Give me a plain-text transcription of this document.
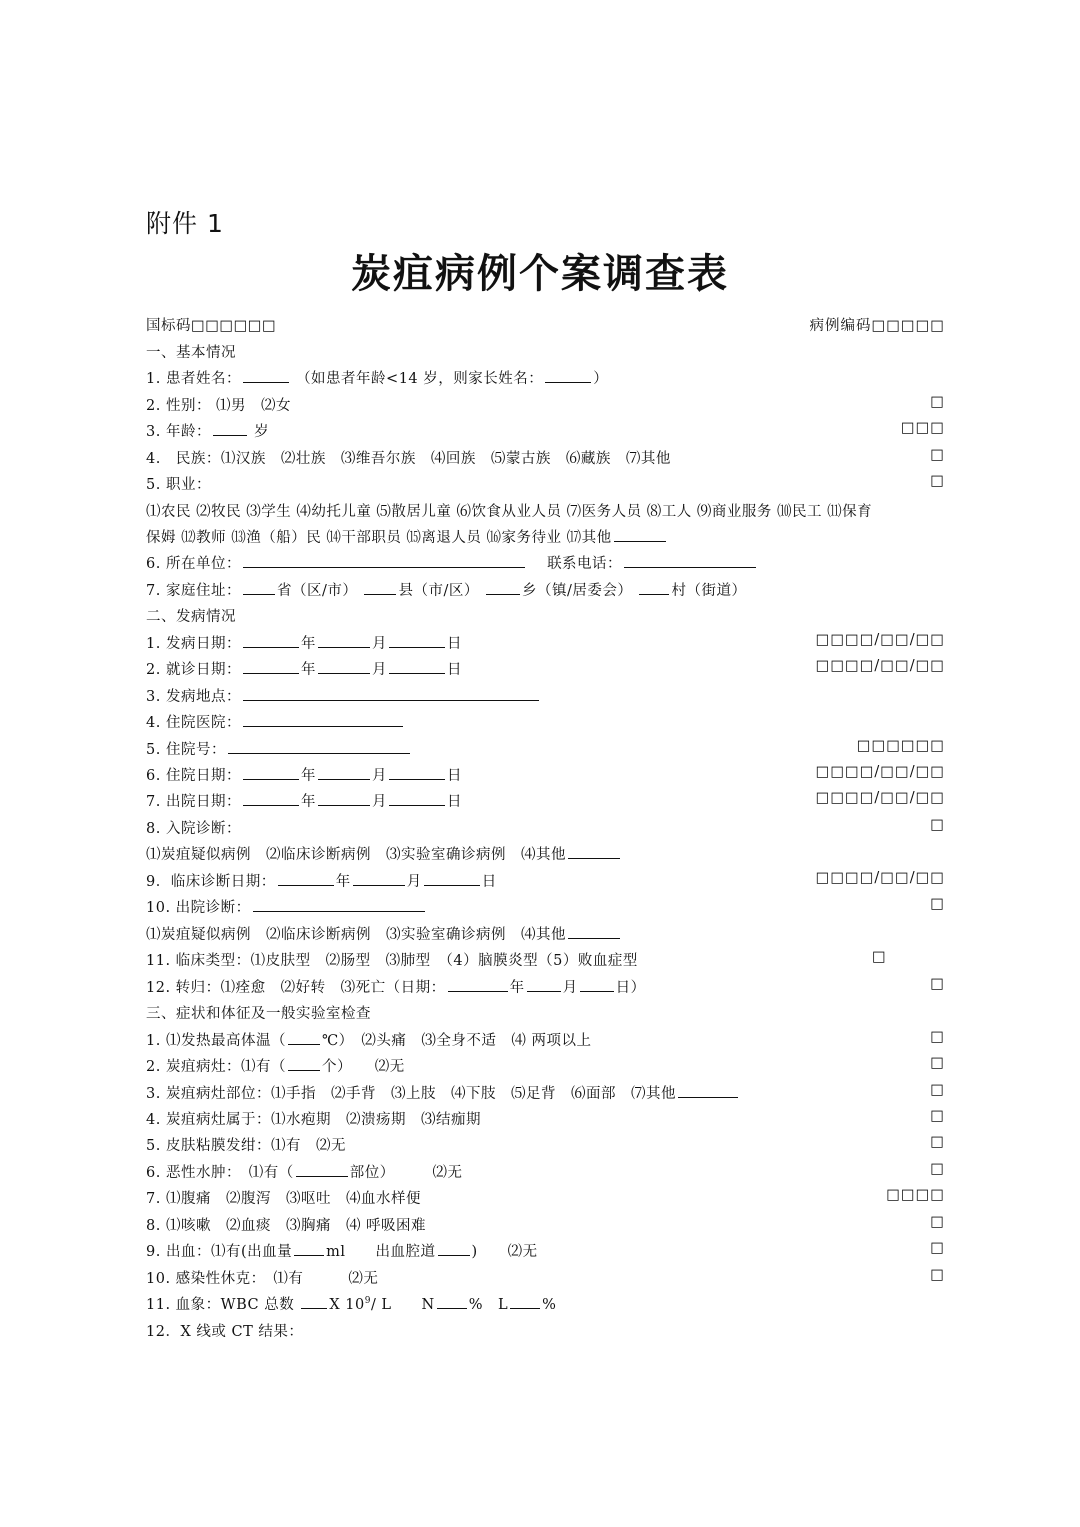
附件 1
炭疽病例个案调查表
国标码□□□□□□	病例编码□□□□□
一、基本情况
1. 患者姓名：	（如患者年龄<14 岁，则家长姓名：	）
2. 性别： ⑴男　⑵女	□
3. 年龄：	岁	□□□
4.　民族：⑴汉族　⑵壮族　⑶维吾尔族　⑷回族　⑸蒙古族　⑹藏族　⑺其他	□
5. 职业：	□
⑴农民 ⑵牧民 ⑶学生 ⑷幼托儿童 ⑸散居儿童 ⑹饮食从业人员 ⑺医务人员 ⑻工人 ⑼商业服务 ⑽民工 ⑾保育
保姆 ⑿教师 ⒀渔（船）民 ⒁干部职员 ⒂离退人员 ⒃家务待业 ⒄其他
6. 所在单位： 　	联系电话：
7. 家庭住址： 省（区/市）	县（市/区）	乡（镇/居委会）	村（街道）
二、发病情况
1. 发病日期：	年	月	日	□□□□/□□/□□
2. 就诊日期：	年	月	日	□□□□/□□/□□
3. 发病地点：
4. 住院医院：
5. 住院号：	□□□□□□
6. 住院日期：	年	月	日	□□□□/□□/□□
7. 出院日期：	年	月	日	□□□□/□□/□□
8. 入院诊断：	□
⑴炭疽疑似病例　⑵临床诊断病例　⑶实验室确诊病例　⑷其他
9．临床诊断日期：	年	月	日	□□□□/□□/□□
10. 出院诊断：	□
⑴炭疽疑似病例　⑵临床诊断病例　⑶实验室确诊病例　⑷其他
11. 临床类型：⑴皮肤型　⑵肠型　⑶肺型　（4）脑膜炎型（5）败血症型	□
12. 转归：⑴痊愈　⑵好转　⑶死亡（日期：	年	月	日）	□
三、症状和体征及一般实验室检查
1. ⑴发热最高体温（ ℃）　⑵头痛　⑶全身不适　⑷ 两项以上	□
2. 炭疽病灶：⑴有（ 个）　　⑵无	□
3. 炭疽病灶部位：⑴手指　⑵手背　⑶上肢　⑷下肢　⑸足背　⑹面部　⑺其他	□
4. 炭疽病灶属于：⑴水疱期　⑵溃疡期　⑶结痂期	□
5. 皮肤粘膜发绀：⑴有　⑵无	□
6. 恶性水肿：　⑴有（	部位）　　　⑵无	□
7. ⑴腹痛　⑵腹泻　⑶呕吐　⑷血水样便	□□□□
8. ⑴咳嗽　⑵血痰　⑶胸痛　⑷ 呼吸困难	□
9. 出血：⑴有(出血量 ml　　出血腔道 )　　⑵无	□
10. 感染性休克：　⑴有　　　⑵无	□
11. 血象：WBC 总数 X $10^9/$ L　　N %　L %
12．X 线或 CT 结果：
